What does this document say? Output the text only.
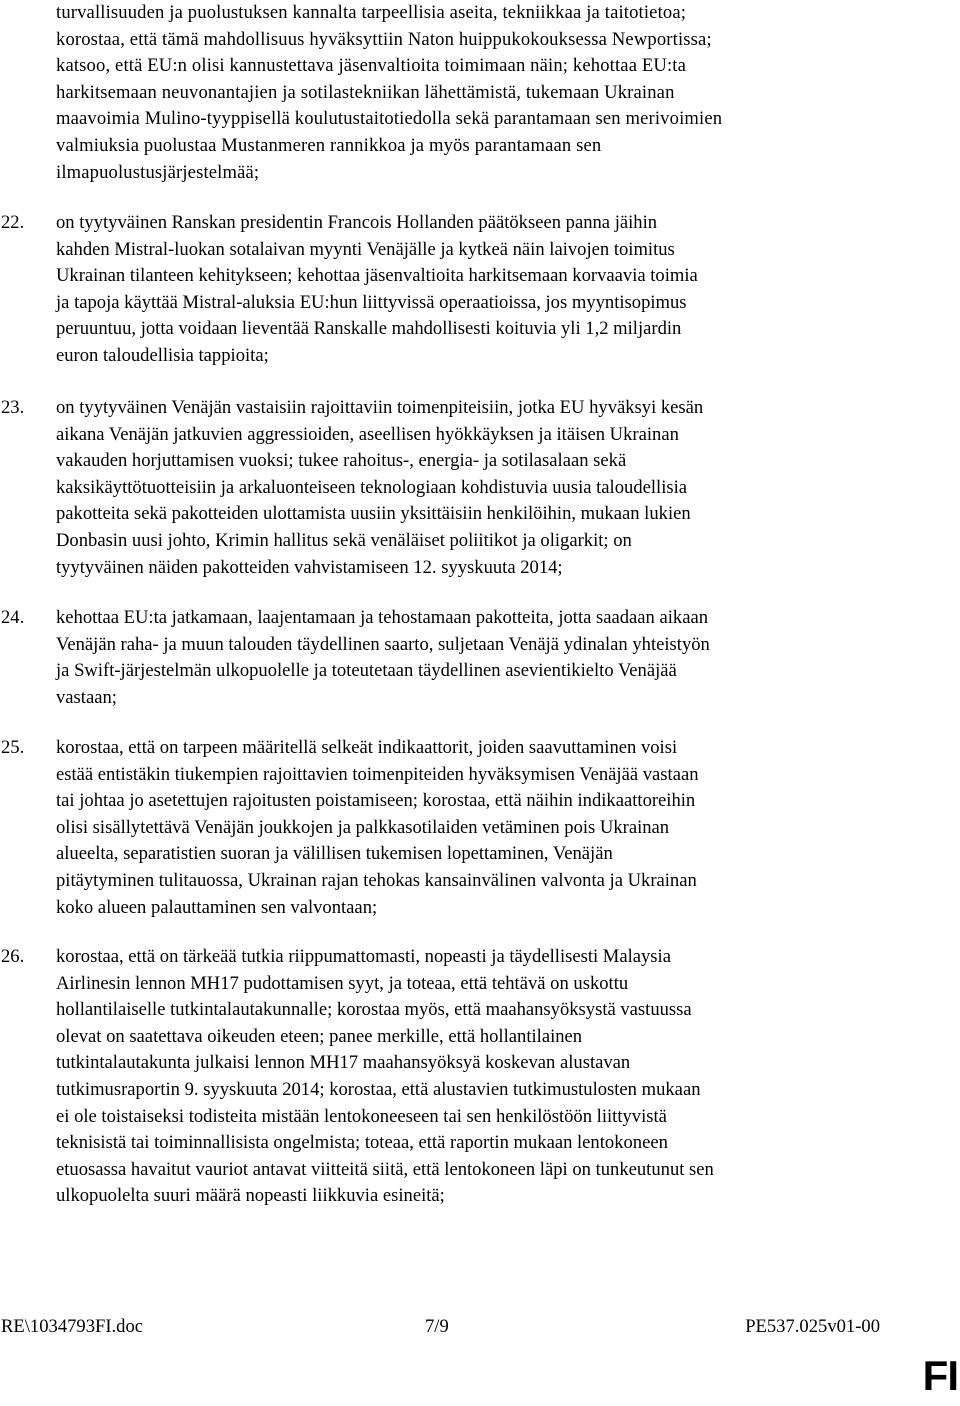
turvallisuuden ja puolustuksen kannalta tarpeellisia aseita, tekniikkaa ja taitotietoa;

korostaa, että tämä mahdollisuus hyväksyttiin Naton huippukokouksessa Newportissa;

katsoo, että EU:n olisi kannustettava jäsenvaltioita toimimaan näin; kehottaa EU:ta

harkitsemaan neuvonantajien ja sotilastekniikan lähettämistä, tukemaan Ukrainan

maavoimia Mulino-tyyppisellä koulutustaitotiedolla sekä parantamaan sen merivoimien

valmiuksia puolustaa Mustanmeren rannikkoa ja myös parantamaan sen

ilmapuolustusjärjestelmää;

22.	on tyytyväinen Ranskan presidentin Francois Hollanden päätökseen panna jäihin
kahden Mistral-luokan sotalaivan myynti Venäjälle ja kytkeä näin laivojen toimitus
Ukrainan tilanteen kehitykseen; kehottaa jäsenvaltioita harkitsemaan korvaavia toimia
ja tapoja käyttää Mistral-aluksia EU:hun liittyvissä operaatioissa, jos myyntisopimus
peruuntuu, jotta voidaan lieventää Ranskalle mahdollisesti koituvia yli 1,2 miljardin
euron taloudellisia tappioita;
23.	on tyytyväinen Venäjän vastaisiin rajoittaviin toimenpiteisiin, jotka EU hyväksyi kesän
aikana Venäjän jatkuvien aggressioiden, aseellisen hyökkäyksen ja itäisen Ukrainan
vakauden horjuttamisen vuoksi; tukee rahoitus-, energia- ja sotilasalaan sekä
kaksikäyttötuotteisiin ja arkaluonteiseen teknologiaan kohdistuvia uusia taloudellisia
pakotteita sekä pakotteiden ulottamista uusiin yksittäisiin henkilöihin, mukaan lukien
Donbasin uusi johto, Krimin hallitus sekä venäläiset poliitikot ja oligarkit; on
tyytyväinen näiden pakotteiden vahvistamiseen 12. syyskuuta 2014;
24.	kehottaa EU:ta jatkamaan, laajentamaan ja tehostamaan pakotteita, jotta saadaan aikaan
Venäjän raha- ja muun talouden täydellinen saarto, suljetaan Venäjä ydinalan yhteistyön
ja Swift-järjestelmän ulkopuolelle ja toteutetaan täydellinen asevientikielto Venäjää
vastaan;
25.	korostaa, että on tarpeen määritellä selkeät indikaattorit, joiden saavuttaminen voisi
estää entistäkin tiukempien rajoittavien toimenpiteiden hyväksymisen Venäjää vastaan
tai johtaa jo asetettujen rajoitusten poistamiseen; korostaa, että näihin indikaattoreihin
olisi sisällytettävä Venäjän joukkojen ja palkkasotilaiden vetäminen pois Ukrainan
alueelta, separatistien suoran ja välillisen tukemisen lopettaminen, Venäjän
pitäytyminen tulitauossa, Ukrainan rajan tehokas kansainvälinen valvonta ja Ukrainan
koko alueen palauttaminen sen valvontaan;
26.	korostaa, että on tärkeää tutkia riippumattomasti, nopeasti ja täydellisesti Malaysia
Airlinesin lennon MH17 pudottamisen syyt, ja toteaa, että tehtävä on uskottu
hollantilaiselle tutkintalautakunnalle; korostaa myös, että maahansyöksystä vastuussa
olevat on saatettava oikeuden eteen; panee merkille, että hollantilainen
tutkintalautakunta julkaisi lennon MH17 maahansyöksyä koskevan alustavan
tutkimusraportin 9. syyskuuta 2014; korostaa, että alustavien tutkimustulosten mukaan
ei ole toistaiseksi todisteita mistään lentokoneeseen tai sen henkilöstöön liittyvistä
teknisistä tai toiminnallisista ongelmista; toteaa, että raportin mukaan lentokoneen
etuosassa havaitut vauriot antavat viitteitä siitä, että lentokoneen läpi on tunkeutunut sen
ulkopuolelta suuri määrä nopeasti liikkuvia esineitä;
RE\1034793FI.doc	7/9	PE537.025v01-00
FI
